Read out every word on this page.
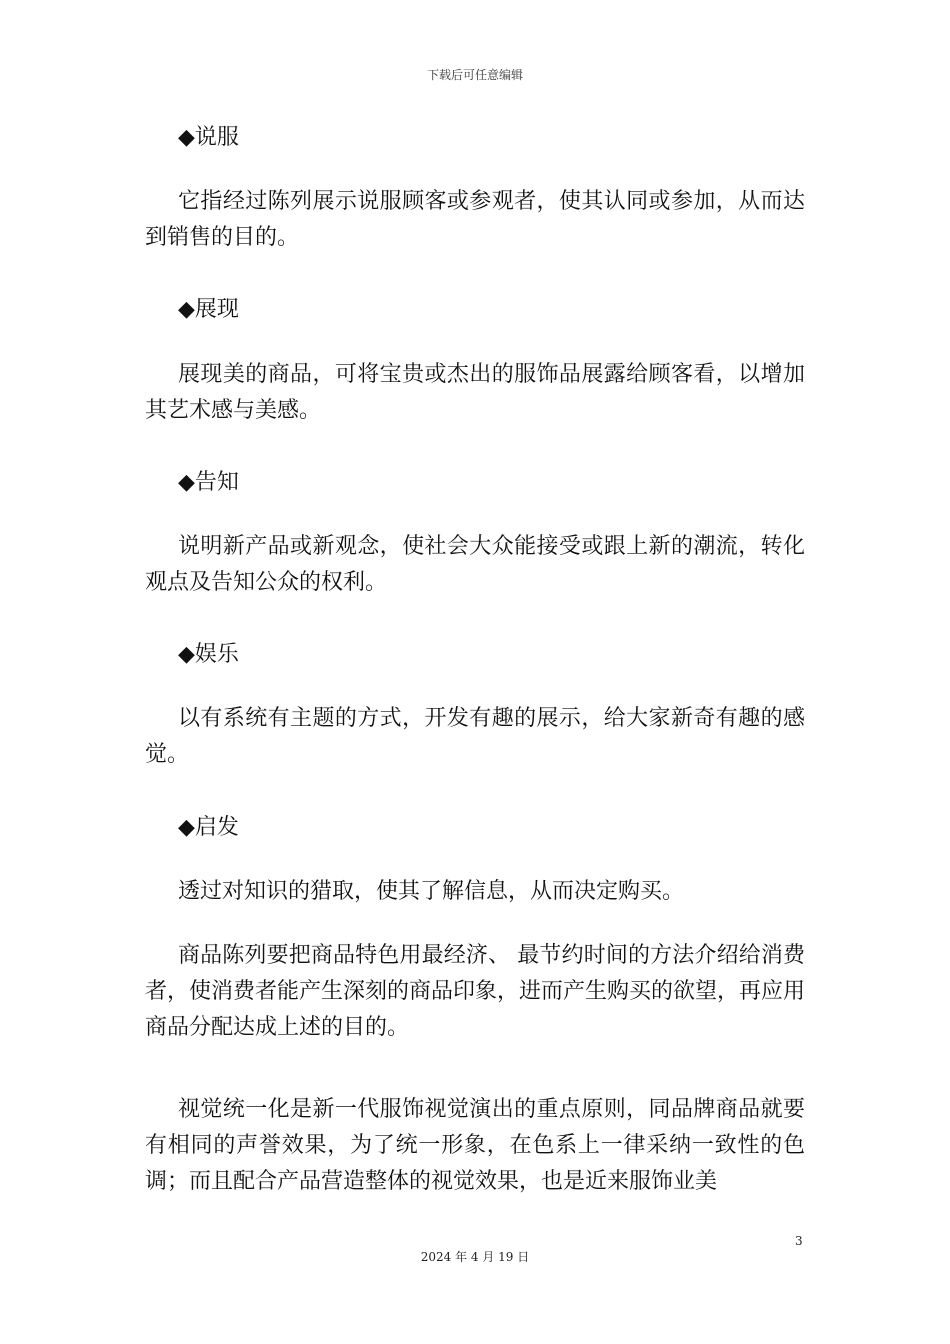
下载后可任意编辑
◆说服
它指经过陈列展示说服顾客或参观者，使其认同或参加，从而达到销售的目的。
◆展现
展现美的商品，可将宝贵或杰出的服饰品展露给顾客看，以增加其艺术感与美感。
◆告知
说明新产品或新观念，使社会大众能接受或跟上新的潮流，转化观点及告知公众的权利。
◆娱乐
以有系统有主题的方式，开发有趣的展示，给大家新奇有趣的感觉。
◆启发
透过对知识的猎取，使其了解信息，从而决定购买。
商品陈列要把商品特色用最经济、 最节约时间的方法介绍给消费者，使消费者能产生深刻的商品印象，进而产生购买的欲望，再应用商品分配达成上述的目的。
视觉统一化是新一代服饰视觉演出的重点原则，同品牌商品就要有相同的声誉效果，为了统一形象，在色系上一律采纳一致性的色调；而且配合产品营造整体的视觉效果，也是近来服饰业美
3
2024 年 4 月 19 日
